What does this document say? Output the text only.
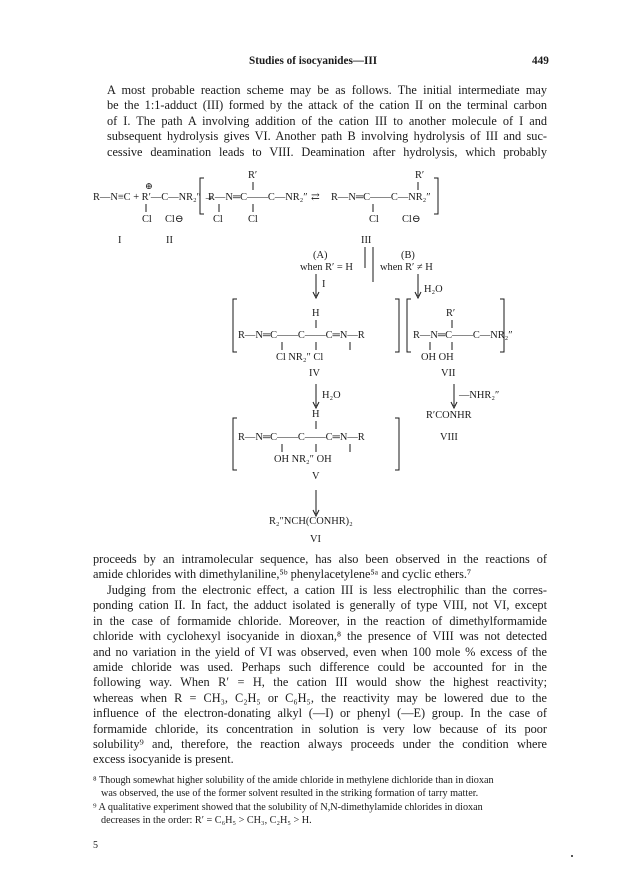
Studies of isocyanides—III	449

A most probable reaction scheme may be as follows. The initial intermediate may
be the 1:1-adduct (III) formed by the attack of the cation II on the terminal carbon
of I. The path A involving addition of the cation III to another molecule of I and
subsequent hydrolysis gives VI. Another path B involving hydrolysis of III and suc-
cessive deamination leads to VIII. Deamination after hydrolysis, which probably

R′	R′
⊕
R—N≡C + R′—C—NR₂″ →
R—N═C——C—NR₂″ ⇄ R—N═C——C—NR₂″
Cl Cl⊖	Cl Cl	Cl Cl⊖
I	II	III
(A)
when R′ = H
(B)
when R′ ≠ H
I	H₂O
H
R—N═C——C——C═N—R
Cl NR₂″ Cl
IV
R′
R—N═C——C—NR₂″
OH OH
VII
H₂O	—NHR₂″
R′CONHR
VIII
H
R—N═C——C——C═N—R
OH NR₂″ OH
V
R₂″NCH(CONHR)₂
VI

proceeds by an intramolecular sequence, has also been observed in the reactions of
amide chlorides with dimethylaniline,⁵ᵇ phenylacetylene⁵ᵃ and cyclic ethers.⁷

Judging from the electronic effect, a cation III is less electrophilic than the corres-
ponding cation II. In fact, the adduct isolated is generally of type VIII, not VI, except
in the case of formamide chloride. Moreover, in the reaction of dimethylformamide
chloride with cyclohexyl isocyanide in dioxan,⁸ the presence of VIII was not detected
and no variation in the yield of VI was observed, even when 100 mole % excess of the
amide chloride was used. Perhaps such difference could be accounted for in the
following way. When R′ = H, the cation III would show the highest reactivity;
whereas when R = CH₃, C₂H₅ or C₆H₅, the reactivity may be lowered due to the
influence of the electron-donating alkyl (—I) or phenyl (—E) group. In the case of
formamide chloride, its concentration in solution is very low because of its poor
solubility⁹ and, therefore, the reaction always proceeds under the condition where
excess isocyanide is present.

⁸ Though somewhat higher solubility of the amide chloride in methylene dichloride than in dioxan
was observed, the use of the former solvent resulted in the striking formation of tarry matter.
⁹ A qualitative experiment showed that the solubility of N,N-dimethylamide chlorides in dioxan
decreases in the order: R′ = C₆H₅ > CH₃, C₂H₅ > H.
5
